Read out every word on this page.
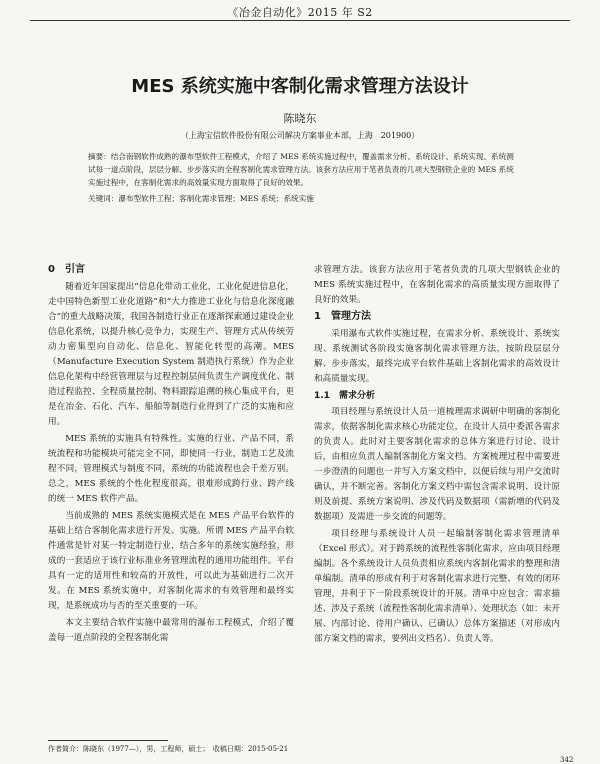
《冶金自动化》2015 年 S2
MES 系统实施中客制化需求管理方法设计
陈晓东
（上海宝信软件股份有限公司解决方案事业本部，上海　201900）

摘要：结合南钢软件成熟的瀑布型软件工程模式，介绍了 MES 系统实施过程中，覆盖需求分析、系统设计、系统实现、系统测试每一道点阶段，层层分解、步步落实的全程客制化需求管理方法。该套方法应用于笔者负责的几项大型钢铁企业的 MES 系统实施过程中，在客制化需求的高效量实现方面取得了良好的效果。

关键词：瀑布型软件工程；客制化需求管理；MES 系统；系统实施

0　引言

随着近年国家提出“信息化带动工业化，工业化促进信息化，走中国特色新型工业化道路”和“大力推进工业化与信息化深度融合”的重大战略决策，我国各制造行业正在逐渐探索通过建设企业信息化系统，以提升核心竞争力，实现生产、管理方式从传统劳动力密集型向自动化、信息化、智能化转型的高潮。MES（Manufacture Execution System 制造执行系统）作为企业信息化架构中经营管理层与过程控制层间负责生产调度优化、制造过程监控、全程质量控制、物料跟踪追溯的核心集成平台，更是在冶金、石化、汽车、船舶等制造行业得到了广泛的实施和应用。

MES 系统的实施具有特殊性。实施的行业、产品不同，系统流程和功能模块可能完全不同，即使同一行业，制造工艺及流程不同，管理模式与制度不同，系统的功能流程也会千差万别。总之，MES 系统的个性化程度很高，很难形成跨行业、跨产线的统一 MES 软件产品。

当前成熟的 MES 系统实施模式是在 MES 产品平台软件的基础上结合客制化需求进行开发、实施。所谓 MES 产品平台软件通常是针对某一特定制造行业，结合多年的系统实施经验，形成的一套适应于该行业标准业务管理流程的通用功能组件。平台具有一定的适用性和较高的开放性，可以此为基础进行二次开发。在 MES 系统实施中，对客制化需求的有效管理和最终实现，是系统成功与否的至关重要的一环。

本文主要结合软件实施中最常用的瀑布工程模式，介绍了覆盖每一道点阶段的全程客制化需

求管理方法。该套方法应用于笔者负责的几项大型钢铁企业的 MES 系统实施过程中，在客制化需求的高质量实现方面取得了良好的效果。

1　管理方法

采用瀑布式软件实施过程，在需求分析、系统设计、系统实现、系统测试各阶段实施客制化需求管理方法，按阶段层层分解、步步落实，最终完成平台软件基础上客制化需求的高效设计和高质量实现。

1.1　需求分析

项目经理与系统设计人员一道梳理需求调研中明确的客制化需求，依据客制化需求核心功能定位，在设计人员中委派各需求的负责人。此时对主要客制化需求的总体方案进行讨论、设计后，由相应负责人编制客制化方案文档。方案梳理过程中需要进一步澄清的问题也一并写入方案文档中，以便后续与用户交流时确认，并不断完善。客制化方案文档中需包含需求说明、设计原则及前提、系统方案说明、涉及代码及数据项（需新增的代码及数据项）及需进一步交流的问题等。

项目经理与系统设计人员一起编制客制化需求管理清单（Excel 形式）。对于跨系统的流程性客制化需求，应由项目经理编制。各个系统设计人员负责相应系统内客制化需求的整理和清单编制。清单的形成有利于对客制化需求进行完整、有效的闭环管理，并利于下一阶段系统设计的开展。清单中应包含：需求描述、涉及子系统（流程性客制化需求清单）、处理状态（如：未开展、内部讨论、待用户确认、已确认）总体方案描述（对形成内部方案文档的需求，要列出文档名）、负责人等。

作者简介：陈晓东（1977—），男，工程师，硕士；　收稿日期：2015-05-21
342
